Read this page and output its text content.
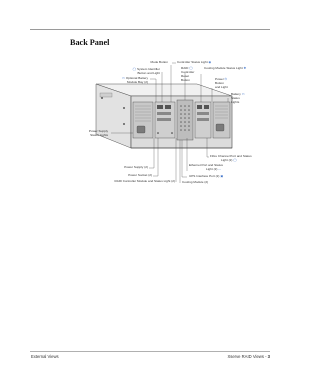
Back Panel
Mode Button	Controller Status Light ◉
◯ System Identifier
Button and Light
▭ Optional Battery
Module Bay (2)
RAID ◯
Controller
Reset
Button
Cooling Module Status Light ❋
Power ⏻
Button
and Light
Battery ▭
Status
Lights
Power Supply
Status Lights
Fibre Channel Port and Status
Light (2) ◯
Ethernet Port and Status
Light (2) ⋯
Power Supply (2)
UPS Interface Port (2) ▣
Power Socket (2)
RAID Controller Module and Status Light (2) Cooling Module (2)
External Views	Xserve RAID Views - 3
